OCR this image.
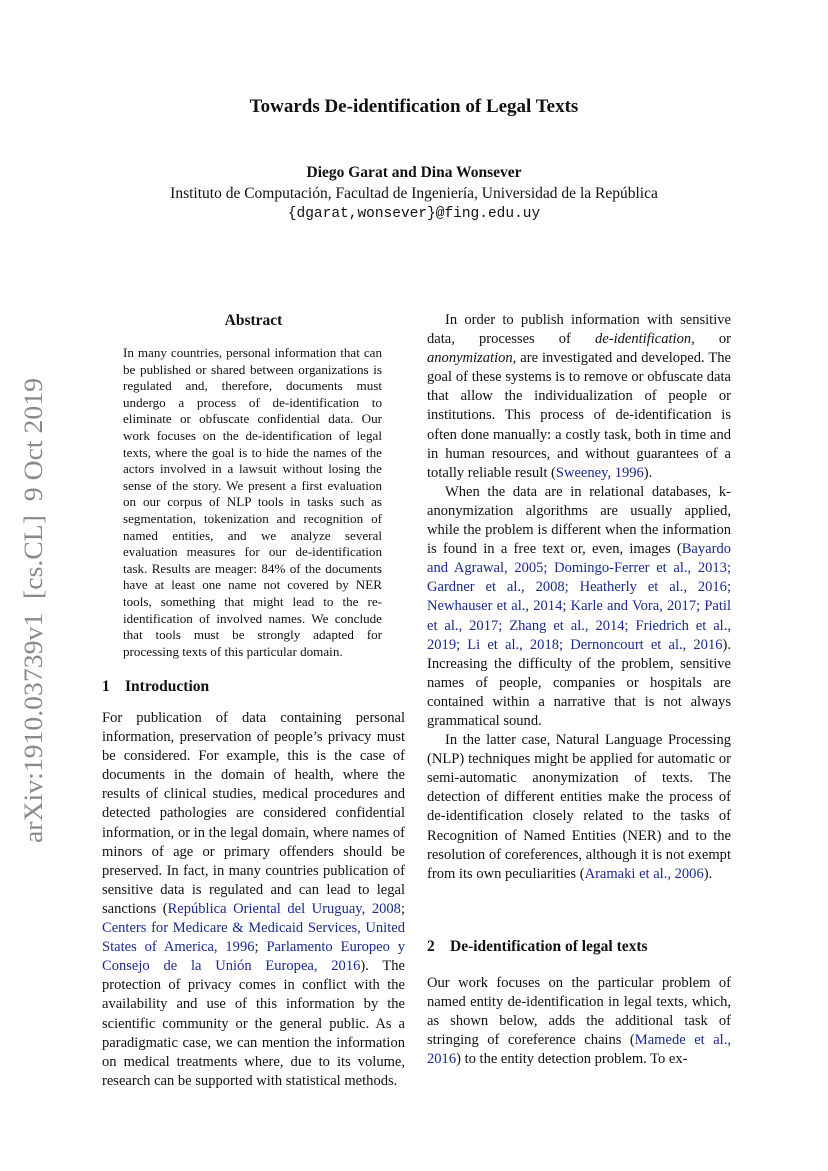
Towards De-identification of Legal Texts
Diego Garat and Dina Wonsever
Instituto de Computación, Facultad de Ingeniería, Universidad de la República
{dgarat,wonsever}@fing.edu.uy
arXiv:1910.03739v1  [cs.CL]  9 Oct 2019
Abstract

In many countries, personal information that can be published or shared between organizations is regulated and, therefore, documents must undergo a process of de-identification to eliminate or obfuscate confidential data. Our work focuses on the de-identification of legal texts, where the goal is to hide the names of the actors involved in a lawsuit without losing the sense of the story. We present a first evaluation on our corpus of NLP tools in tasks such as segmentation, tokenization and recognition of named entities, and we analyze several evaluation measures for our de-identification task. Results are meager: 84% of the documents have at least one name not covered by NER tools, something that might lead to the re-identification of involved names. We conclude that tools must be strongly adapted for processing texts of this particular domain.

1 Introduction

For publication of data containing personal information, preservation of people’s privacy must be considered. For example, this is the case of documents in the domain of health, where the results of clinical studies, medical procedures and detected pathologies are considered confidential information, or in the legal domain, where names of minors of age or primary offenders should be preserved. In fact, in many countries publication of sensitive data is regulated and can lead to legal sanctions (República Oriental del Uruguay, 2008; Centers for Medicare & Medicaid Services, United States of America, 1996; Parlamento Europeo y Consejo de la Unión Europea, 2016). The protection of privacy comes in conflict with the availability and use of this information by the scientific community or the general public. As a paradigmatic case, we can mention the information on medical treatments where, due to its volume, research can be supported with statistical methods.

In order to publish information with sensitive data, processes of de-identification, or anonymization, are investigated and developed. The goal of these systems is to remove or obfuscate data that allow the individualization of people or institutions. This process of de-identification is often done manually: a costly task, both in time and in human resources, and without guarantees of a totally reliable result (Sweeney, 1996).

When the data are in relational databases, k-anonymization algorithms are usually applied, while the problem is different when the information is found in a free text or, even, images (Bayardo and Agrawal, 2005; Domingo-Ferrer et al., 2013; Gardner et al., 2008; Heatherly et al., 2016; Newhauser et al., 2014; Karle and Vora, 2017; Patil et al., 2017; Zhang et al., 2014; Friedrich et al., 2019; Li et al., 2018; Dernoncourt et al., 2016). Increasing the difficulty of the problem, sensitive names of people, companies or hospitals are contained within a narrative that is not always grammatical sound.

In the latter case, Natural Language Processing (NLP) techniques might be applied for automatic or semi-automatic anonymization of texts. The detection of different entities make the process of de-identification closely related to the tasks of Recognition of Named Entities (NER) and to the resolution of coreferences, although it is not exempt from its own peculiarities (Aramaki et al., 2006).

2 De-identification of legal texts

Our work focuses on the particular problem of named entity de-identification in legal texts, which, as shown below, adds the additional task of stringing of coreference chains (Mamede et al., 2016) to the entity detection problem. To ex-
